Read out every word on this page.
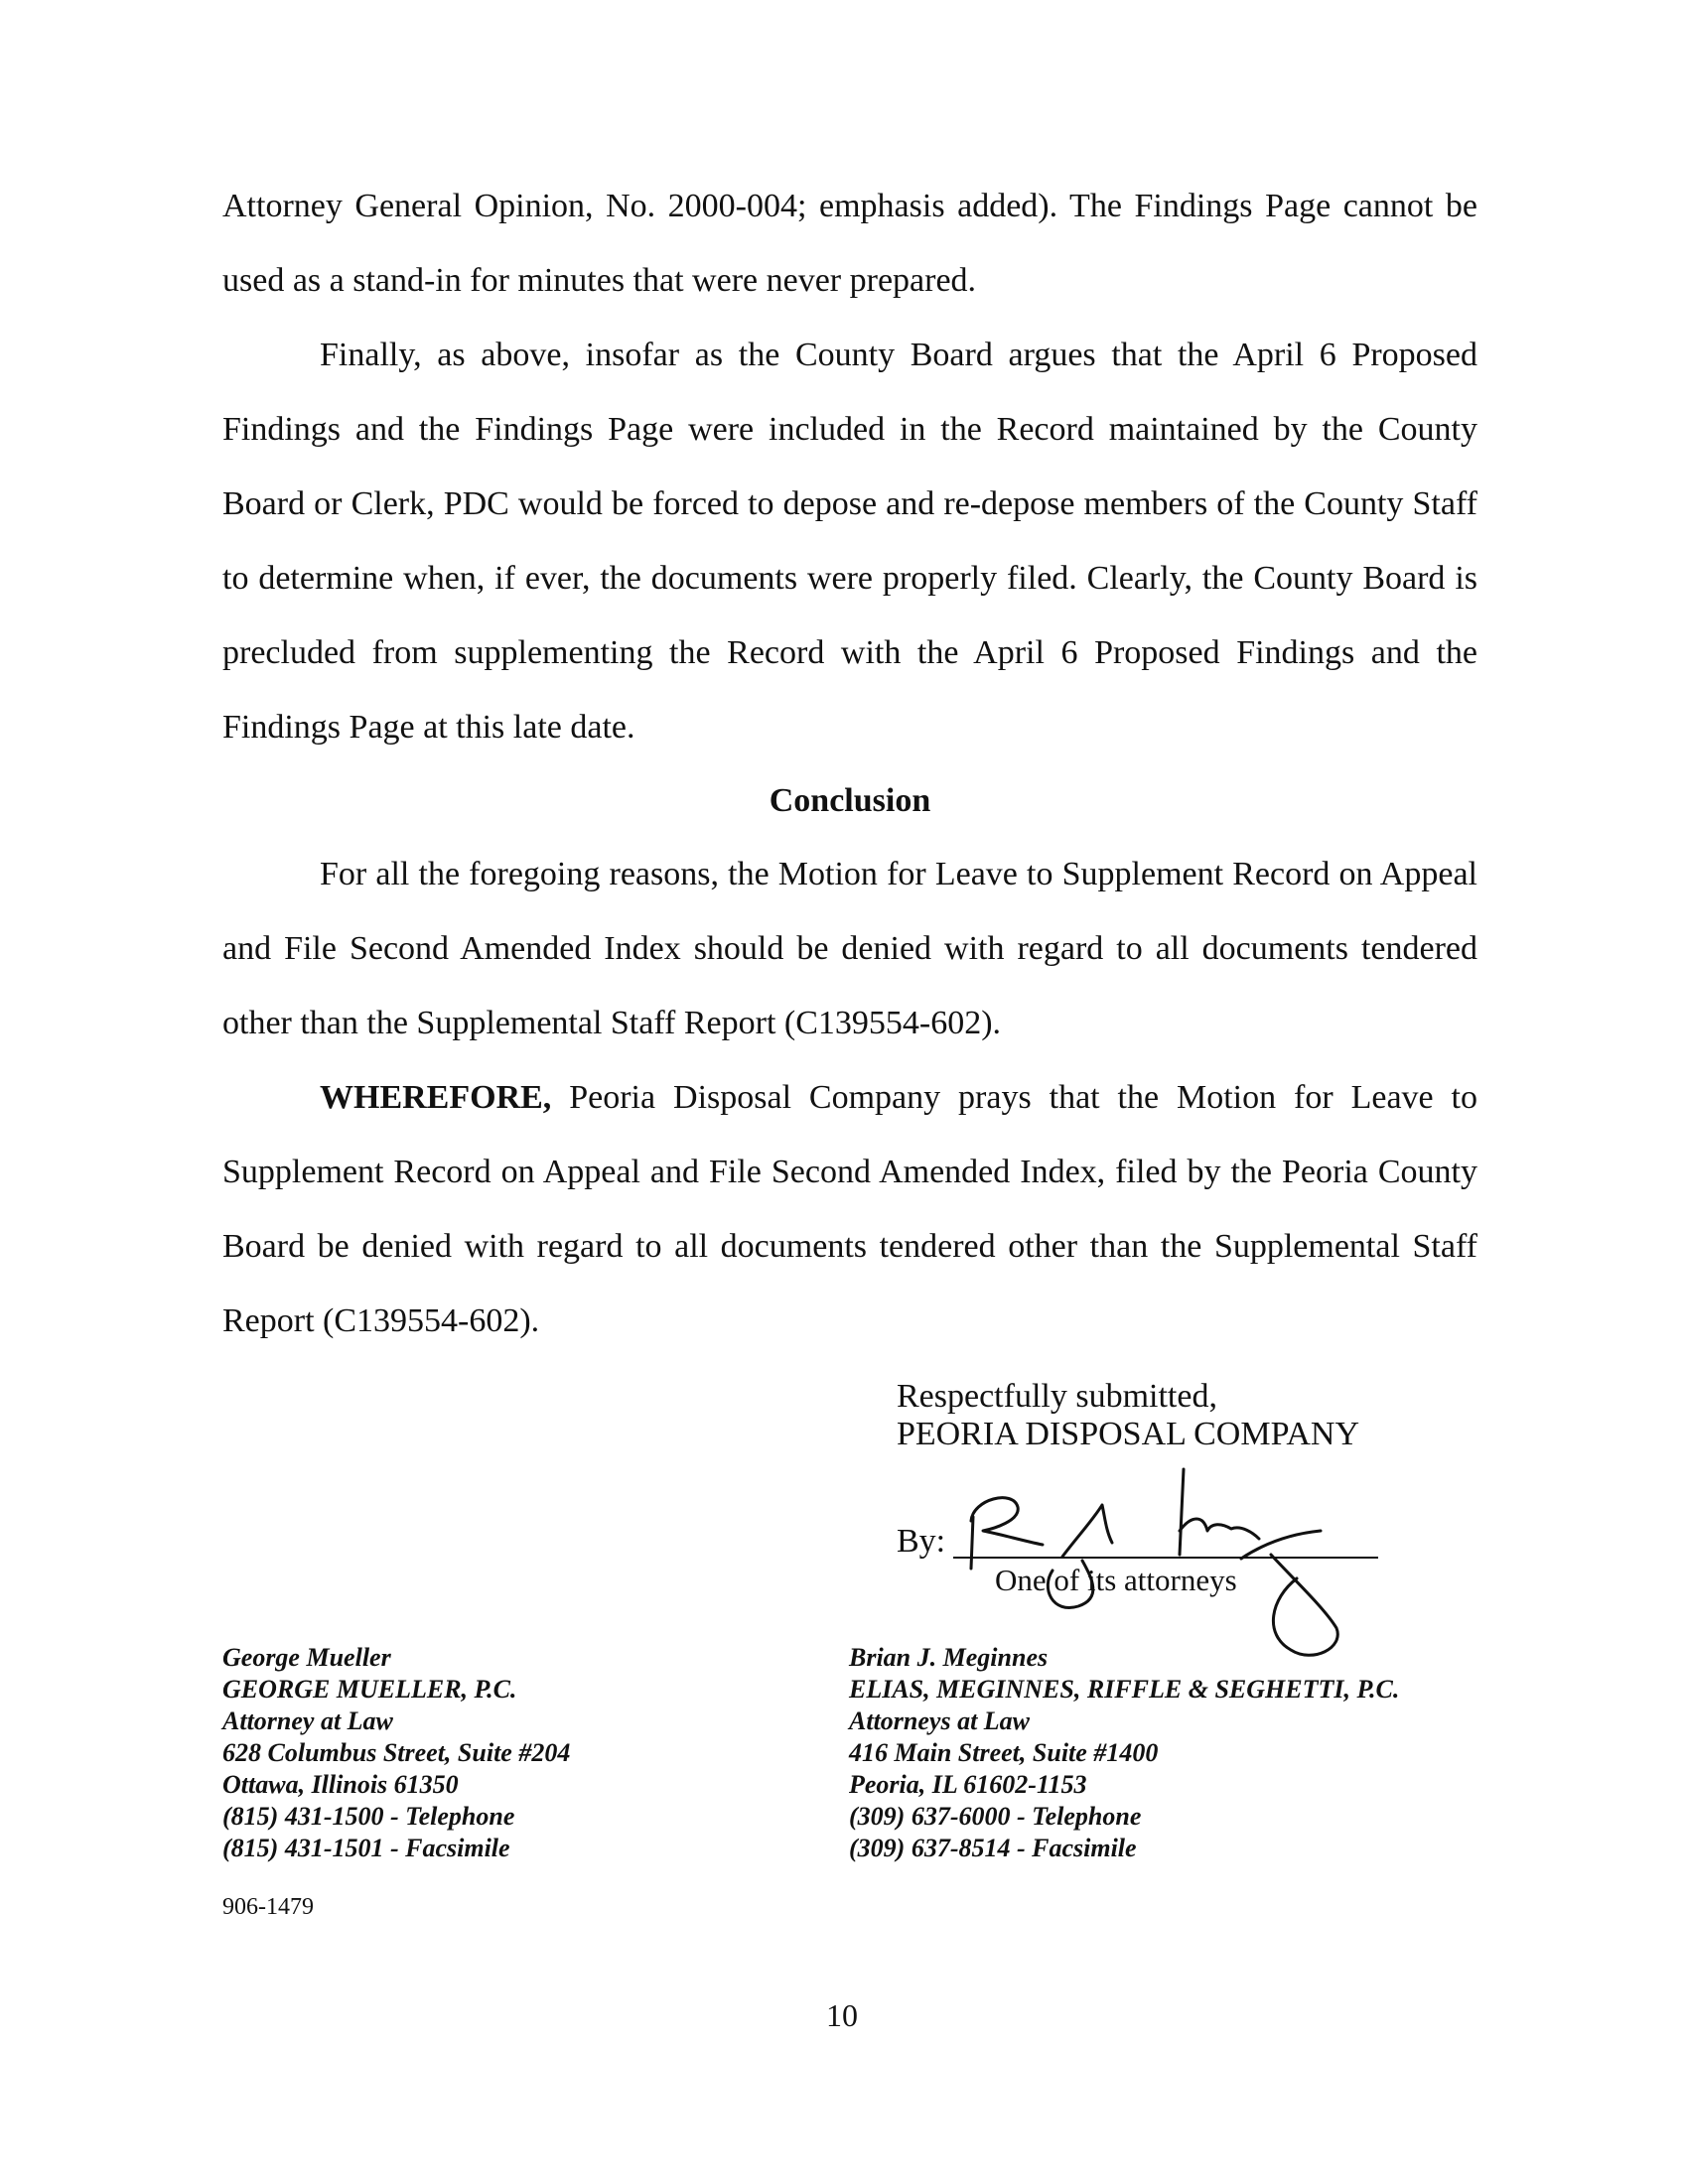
Attorney General Opinion, No. 2000-004; emphasis added). The Findings Page cannot be used as a stand-in for minutes that were never prepared.

Finally, as above, insofar as the County Board argues that the April 6 Proposed Findings and the Findings Page were included in the Record maintained by the County Board or Clerk, PDC would be forced to depose and re-depose members of the County Staff to determine when, if ever, the documents were properly filed. Clearly, the County Board is precluded from supplementing the Record with the April 6 Proposed Findings and the Findings Page at this late date.

Conclusion

For all the foregoing reasons, the Motion for Leave to Supplement Record on Appeal and File Second Amended Index should be denied with regard to all documents tendered other than the Supplemental Staff Report (C139554-602).

WHEREFORE, Peoria Disposal Company prays that the Motion for Leave to Supplement Record on Appeal and File Second Amended Index, filed by the Peoria County Board be denied with regard to all documents tendered other than the Supplemental Staff Report (C139554-602).

Respectfully submitted,
PEORIA DISPOSAL COMPANY
By:
One of its attorneys
George Mueller
GEORGE MUELLER, P.C.
Attorney at Law
628 Columbus Street, Suite #204
Ottawa, Illinois 61350
(815) 431-1500 - Telephone
(815) 431-1501 - Facsimile
Brian J. Meginnes
ELIAS, MEGINNES, RIFFLE & SEGHETTI, P.C.
Attorneys at Law
416 Main Street, Suite #1400
Peoria, IL 61602-1153
(309) 637-6000 - Telephone
(309) 637-8514 - Facsimile
906-1479
10
